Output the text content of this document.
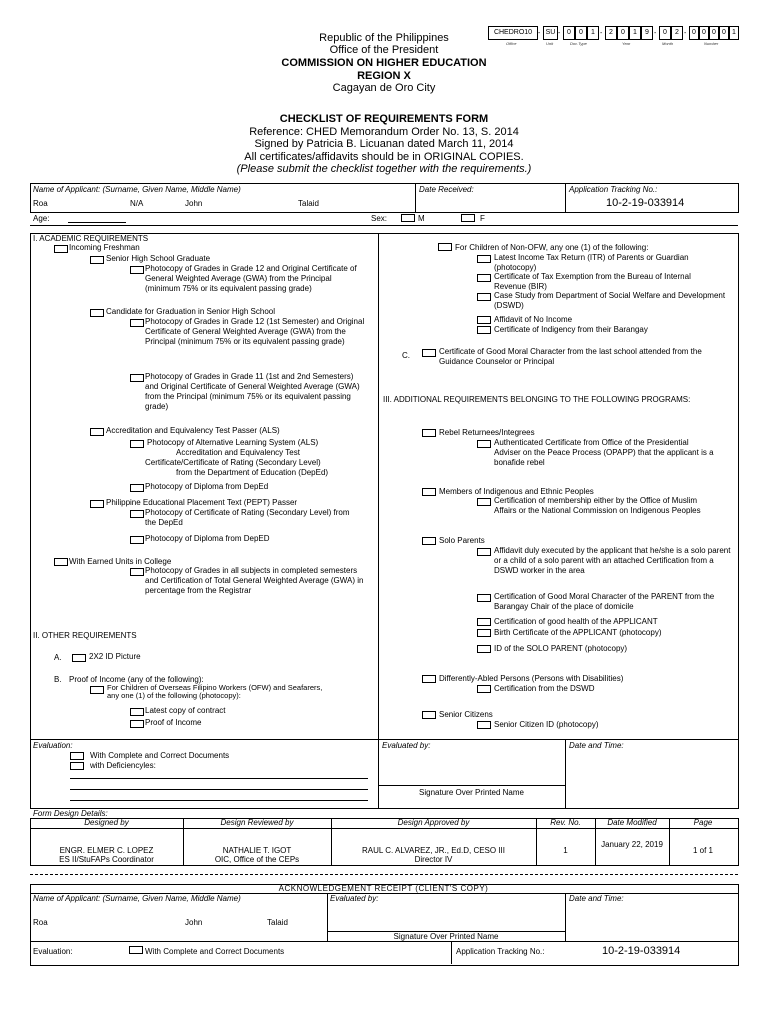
Republic of the Philippines
Office of the President
COMMISSION ON HIGHER EDUCATION
REGION X
Cagayan de Oro City
CHECKLIST OF REQUIREMENTS FORM
Reference: CHED Memorandum Order No. 13, S. 2014
Signed by Patricia B. Licuanan dated March 11, 2014
All certificates/affidavits should be in ORIGINAL COPIES.
(Please submit the checklist together with the requirements.)
CHEDRO10 - SU - 0	0	1 - 2	0	1	9 - 0	2 - 0 0 0 0 1
Office	Unit	Doc.Type	Year	Month	Number
Name of Applicant: (Surname, Given Name, Middle Name)
Roa	N/A	John	Talaid
Date Received:	Application Tracking No.:
10-2-19-033914
Age:	Sex:	M	F
I. ACADEMIC REQUIREMENTS
Incoming Freshman
Senior High School Graduate
Photocopy of Grades in Grade 12 and Original Certificate of General Weighted Average (GWA) from the Principal (minimum 75% or its equivalent passing grade)
Candidate for Graduation in Senior High School
Photocopy of Grades in Grade 12 (1st Semester) and Original Certificate of General Weighted Average (GWA) from the Principal (minimum 75% or its equivalent passing grade)
Photocopy of Grades in Grade 11 (1st and 2nd Semesters) and Original Certificate of General Weighted Average (GWA) from the Principal (minimum 75% or its equivalent passing grade)
Accreditation and Equivalency Test Passer (ALS)
Photocopy of Alternative Learning System (ALS)
Accreditation and Equivalency Test
Certificate/Certificate of Rating (Secondary Level)
from the Department of Education (DepEd)
Photocopy of Diploma from DepEd
Philippine Educational Placement Text (PEPT) Passer
Photocopy of Certificate of Rating (Secondary Level) from the DepEd
Photocopy of Diploma from DepED
With Earned Units in College
Photocopy of Grades in all subjects in completed semesters and Certification of Total General Weighted Average (GWA) in percentage from the Registrar
II. OTHER REQUIREMENTS
A.	2X2 ID Picture
B. Proof of Income (any of the following):
For Children of Overseas Filipino Workers (OFW) and Seafarers, any one (1) of the following (photocopy):
Latest copy of contract
Proof of Income
For Children of Non-OFW, any one (1) of the following:
Latest Income Tax Return (ITR) of Parents or Guardian (photocopy)
Certificate of Tax Exemption from the Bureau of Internal Revenue (BIR)
Case Study from Department of Social Welfare and Development (DSWD)
Affidavit of No Income
Certificate of Indigency from their Barangay
C.	Certificate of Good Moral Character from the last school attended from the Guidance Counselor or Principal
III. ADDITIONAL REQUIREMENTS BELONGING TO THE FOLLOWING PROGRAMS:
Rebel Returnees/Integrees
Authenticated Certificate from Office of the Presidential Adviser on the Peace Process (OPAPP) that the applicant is a bonafide rebel
Members of Indigenous and Ethnic Peoples
Certification of membership either by the Office of Muslim Affairs or the National Commission on Indigenous Peoples
Solo Parents
Affidavit duly executed by the applicant that he/she is a solo parent or a child of a solo parent with an attached Certification from a DSWD worker in the area
Certification of Good Moral Character of the PARENT from the Barangay Chair of the place of domicile
Certification of good health of the APPLICANT
Birth Certificate of the APPLICANT (photocopy)
ID of the SOLO PARENT (photocopy)
Differently-Abled Persons (Persons with Disabilities)
Certification from the DSWD
Senior Citizens
Senior Citizen ID (photocopy)
Evaluation:
With Complete and Correct Documents
with Deficiencyles:
Evaluated by:
Signature Over Printed Name
Date and Time:
Form Design Details:
Designed by	Design Reviewed by	Design Approved by	Rev. No.	Date Modified	Page
ENGR. ELMER C. LOPEZ
ES II/StuFAPs Coordinator
NATHALIE T. IGOT
OIC, Office of the CEPs
RAUL C. ALVAREZ, JR., Ed.D, CESO III
Director IV
1
January 22, 2019
1 of 1
ACKNOWLEDGEMENT RECEIPT (CLIENT'S COPY)
Name of Applicant: (Surname, Given Name, Middle Name)
Roa	John	Talaid
Evaluated by:
Signature Over Printed Name
Date and Time:
Evaluation:	With Complete and Correct Documents	Application Tracking No.:	10-2-19-033914
